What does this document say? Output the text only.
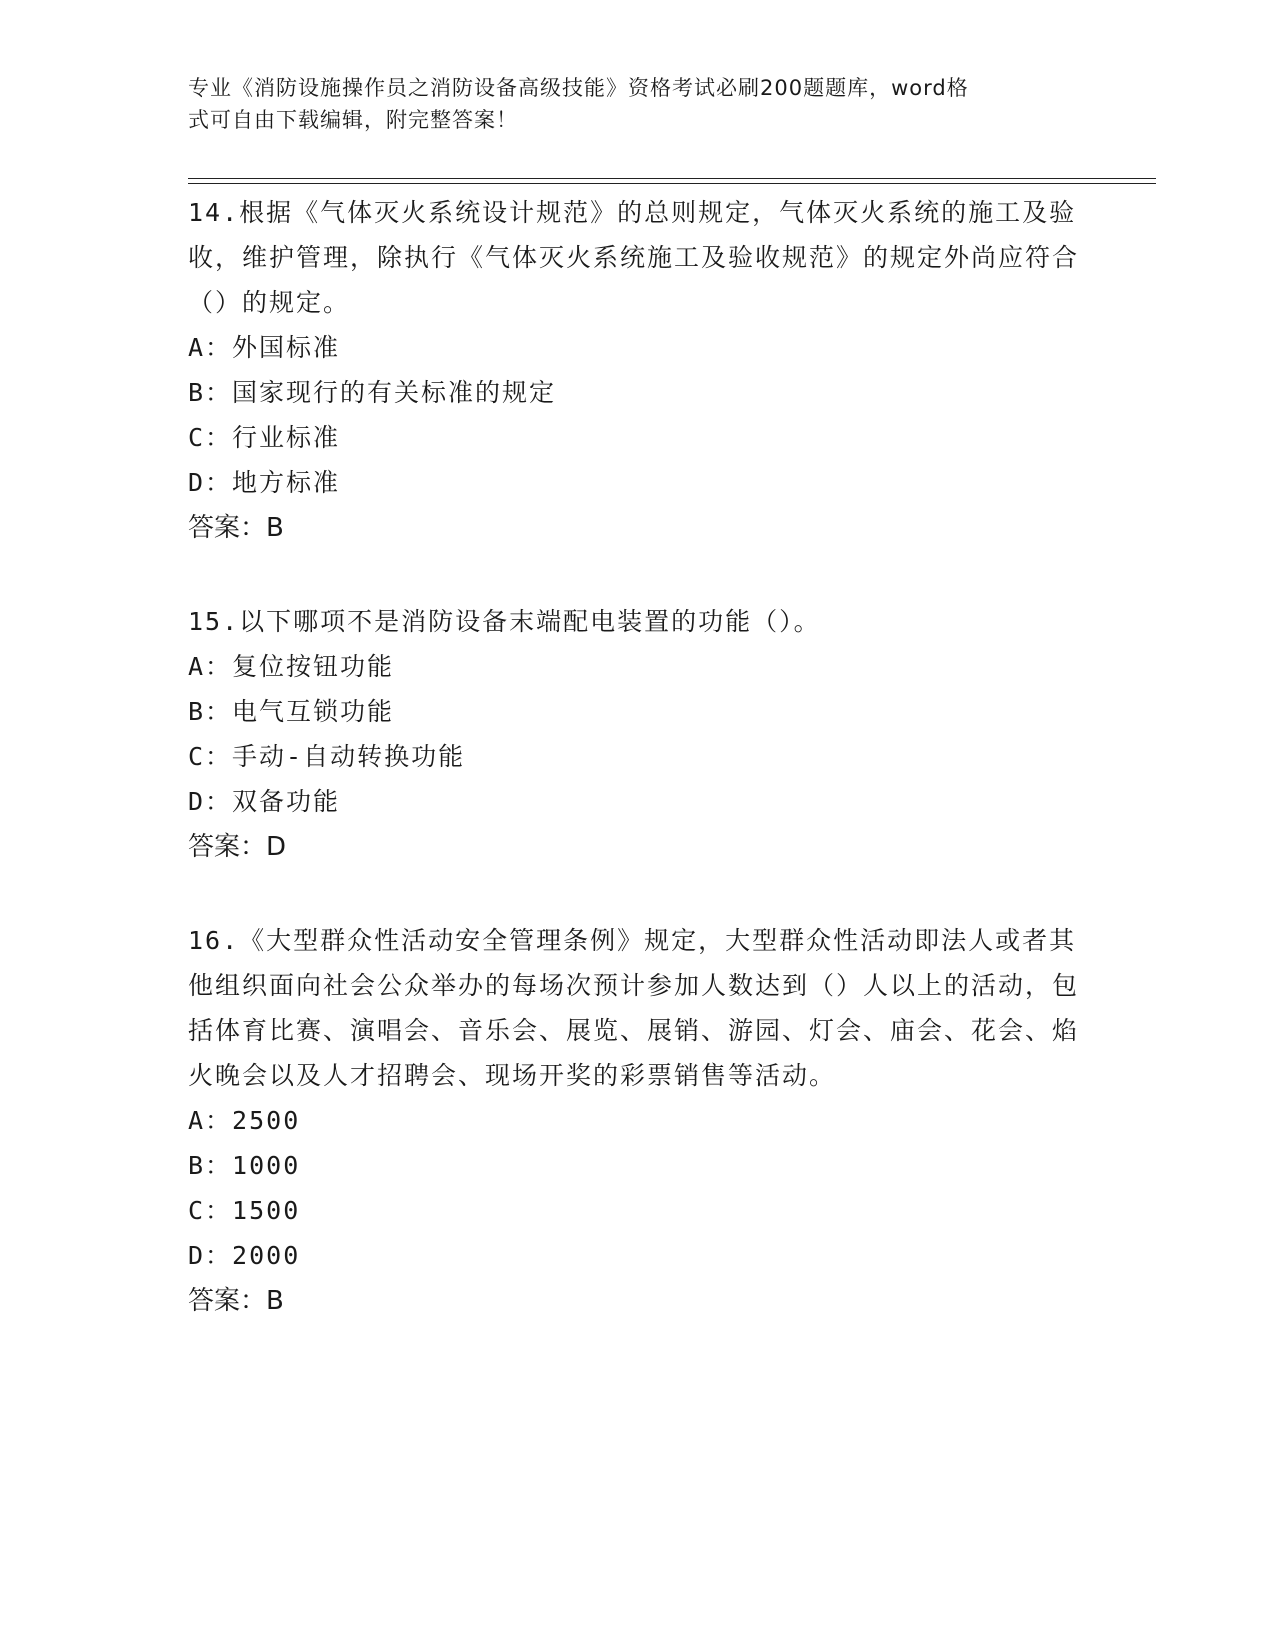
专业《消防设施操作员之消防设备高级技能》资格考试必刷200题题库，word格
式可自由下载编辑，附完整答案！

14.根据《气体灭火系统设计规范》的总则规定，气体灭火系统的施工及验收，维护管理，除执行《气体灭火系统施工及验收规范》的规定外尚应符合（）的规定。

A：外国标准

B：国家现行的有关标准的规定

C：行业标准

D：地方标准

答案：B

15.以下哪项不是消防设备末端配电装置的功能（）。

A：复位按钮功能

B：电气互锁功能

C：手动-自动转换功能

D：双备功能

答案：D

16.《大型群众性活动安全管理条例》规定，大型群众性活动即法人或者其他组织面向社会公众举办的每场次预计参加人数达到（）人以上的活动，包括体育比赛、演唱会、音乐会、展览、展销、游园、灯会、庙会、花会、焰火晚会以及人才招聘会、现场开奖的彩票销售等活动。

A：2500

B：1000

C：1500

D：2000

答案：B
